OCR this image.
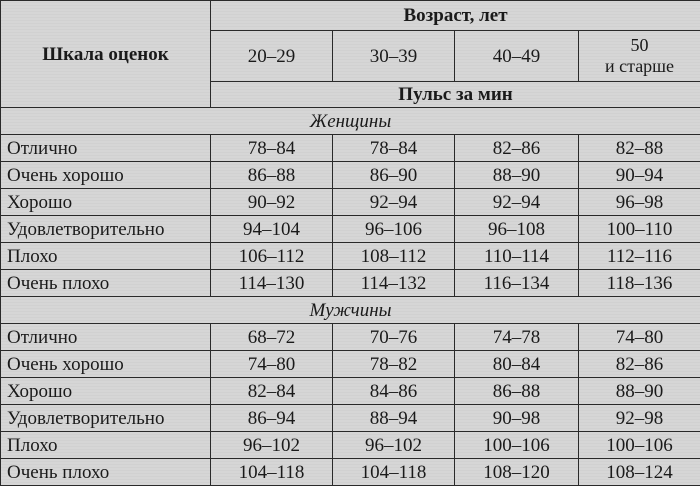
Шкала оценок	Возраст, лет			
	20–29	30–39	40–49	50
и старше
	Пульс за мин			
Женщины				
Отлично	78–84	78–84	82–86	82–88
Очень хорошо	86–88	86–90	88–90	90–94
Хорошо	90–92	92–94	92–94	96–98
Удовлетворительно	94–104	96–106	96–108	100–110
Плохо	106–112	108–112	110–114	112–116
Очень плохо	114–130	114–132	116–134	118–136
Мужчины				
Отлично	68–72	70–76	74–78	74–80
Очень хорошо	74–80	78–82	80–84	82–86
Хорошо	82–84	84–86	86–88	88–90
Удовлетворительно	86–94	88–94	90–98	92–98
Плохо	96–102	96–102	100–106	100–106
Очень плохо	104–118	104–118	108–120	108–124
